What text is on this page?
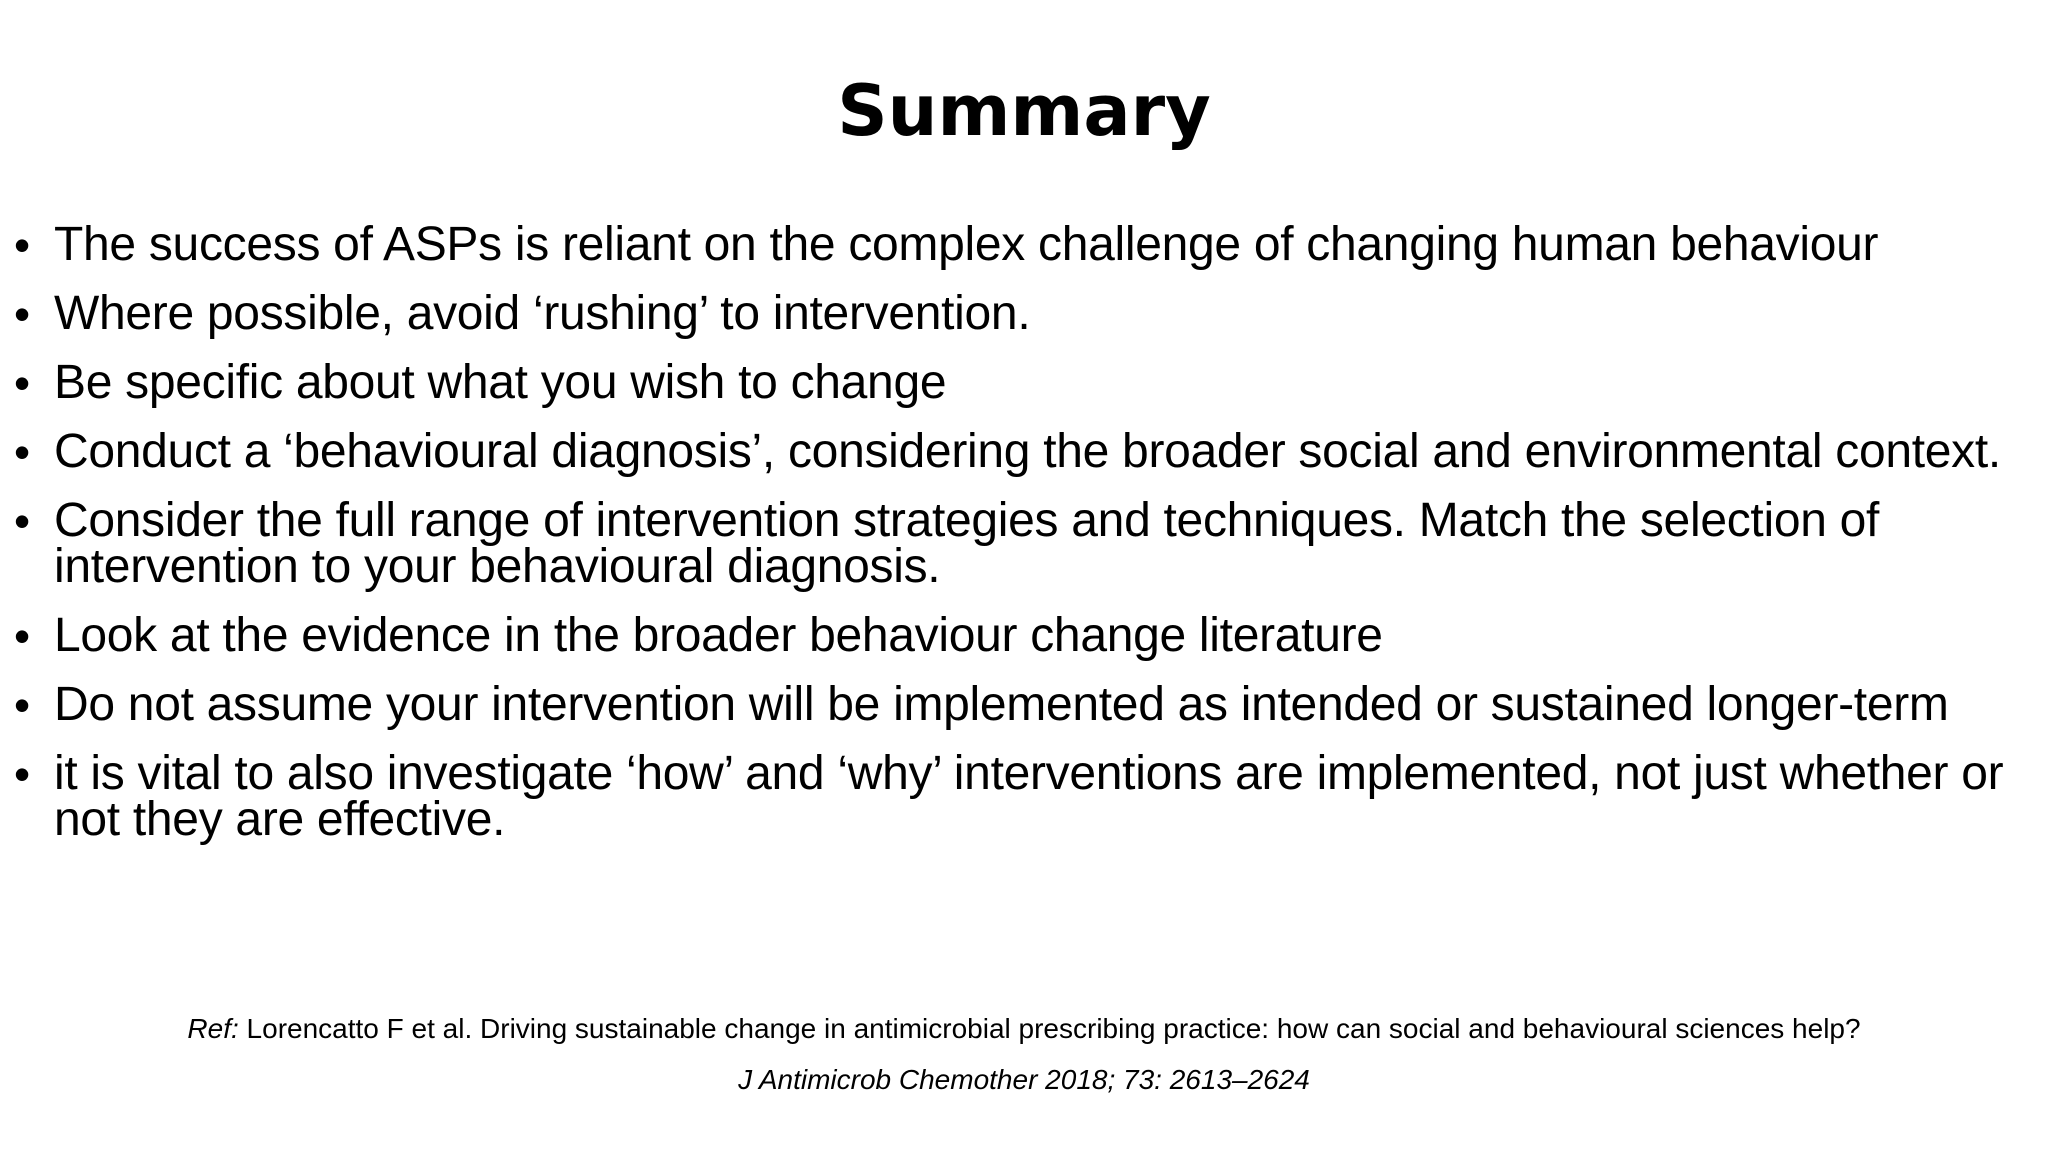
Summary
• The success of ASPs is reliant on the complex challenge of changing human behaviour
• Where possible, avoid ‘rushing’ to intervention.
• Be specific about what you wish to change
• Conduct a ‘behavioural diagnosis’, considering the broader social and environmental context.
• Consider the full range of intervention strategies and techniques. Match the selection of intervention to your behavioural diagnosis.
• Look at the evidence in the broader behaviour change literature
• Do not assume your intervention will be implemented as intended or sustained longer-term
• it is vital to also investigate ‘how’ and ‘why’ interventions are implemented, not just whether or not they are effective.
Ref: Lorencatto F et al. Driving sustainable change in antimicrobial prescribing practice: how can social and behavioural sciences help?
J Antimicrob Chemother 2018; 73: 2613–2624
